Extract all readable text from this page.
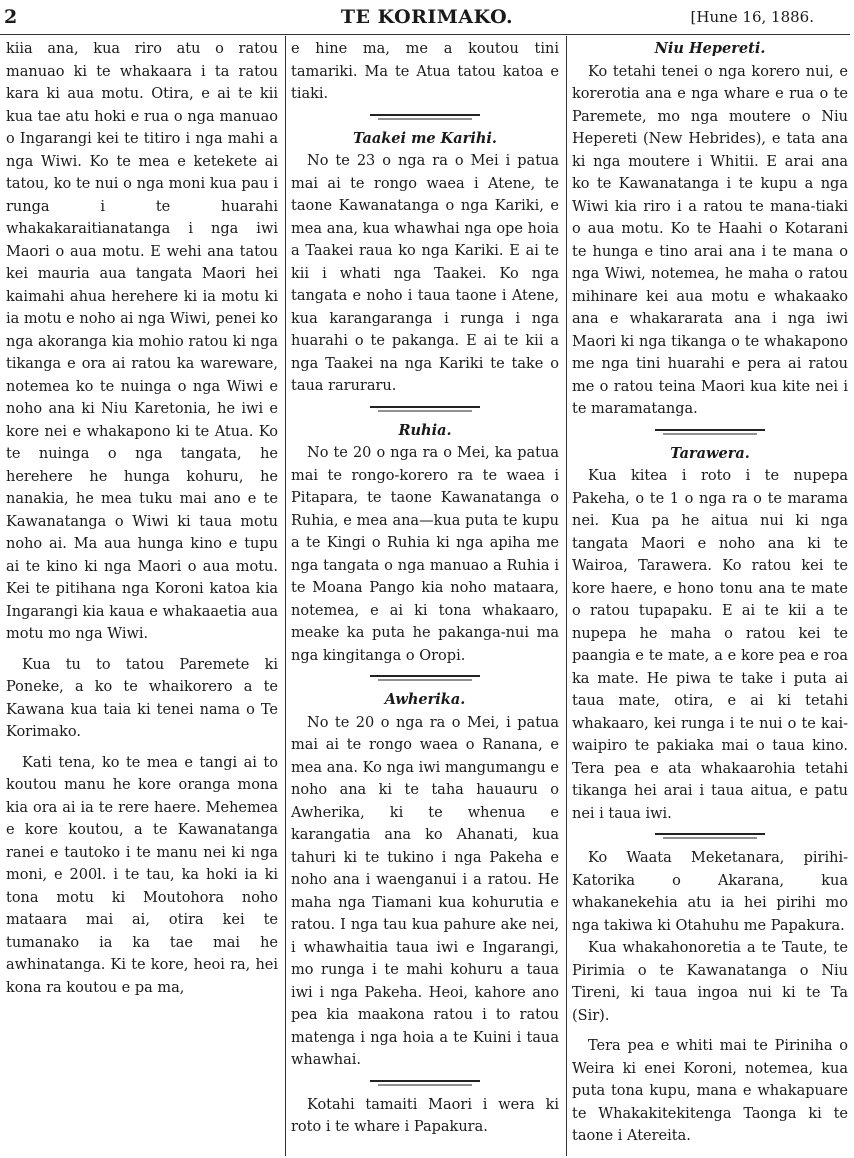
2	TE KORIMAKO.	[Hune 16, 1886.

kiia ana, kua riro atu o ratou manuao ki te whakaara i ta ratou kara ki aua motu. Otira, e ai te kii kua tae atu hoki e rua o nga manuao o Ingarangi kei te titiro i nga mahi a nga Wiwi. Ko te mea e ketekete ai tatou, ko te nui o nga moni kua pau i runga i te huarahi whakakaraitianatanga i nga iwi Maori o aua motu. E wehi ana tatou kei mauria aua tangata Maori hei kaimahi ahua herehere ki ia motu ki ia motu e noho ai nga Wiwi, penei ko nga akoranga kia mohio ratou ki nga tikanga e ora ai ratou ka wareware, notemea ko te nuinga o nga Wiwi e noho ana ki Niu Karetonia, he iwi e kore nei e whakapono ki te Atua. Ko te nuinga o nga tangata, he herehere he hunga kohuru, he nanakia, he mea tuku mai ano e te Kawanatanga o Wiwi ki taua motu noho ai. Ma aua hunga kino e tupu ai te kino ki nga Maori o aua motu. Kei te pitihana nga Koroni katoa kia Ingarangi kia kaua e whakaaetia aua motu mo nga Wiwi.

Kua tu to tatou Paremete ki Poneke, a ko te whaikorero a te Kawana kua taia ki tenei nama o Te Korimako.

Kati tena, ko te mea e tangi ai to koutou manu he kore oranga mona kia ora ai ia te rere haere. Mehemea e kore koutou, a te Kawanatanga ranei e tautoko i te manu nei ki nga moni, e 200l. i te tau, ka hoki ia ki tona motu ki Moutohora noho mataara mai ai, otira kei te tumanako ia ka tae mai he awhinatanga. Ki te kore, heoi ra, hei kona ra koutou e pa ma,

e hine ma, me a koutou tini tamariki. Ma te Atua tatou katoa e tiaki.

Taakei me Karihi.

No te 23 o nga ra o Mei i patua mai ai te rongo waea i Atene, te taone Kawanatanga o nga Kariki, e mea ana, kua whawhai nga ope hoia a Taakei raua ko nga Kariki. E ai te kii i whati nga Taakei. Ko nga tangata e noho i taua taone i Atene, kua karangaranga i runga i nga huarahi o te pakanga. E ai te kii a nga Taakei na nga Kariki te take o taua raruraru.

Ruhia.

No te 20 o nga ra o Mei, ka patua mai te rongo-korero ra te waea i Pitapara, te taone Kawanatanga o Ruhia, e mea ana—kua puta te kupu a te Kingi o Ruhia ki nga apiha me nga tangata o nga manuao a Ruhia i te Moana Pango kia noho mataara, notemea, e ai ki tona whakaaro, meake ka puta he pakanga-nui ma nga kingitanga o Oropi.

Awherika.

No te 20 o nga ra o Mei, i patua mai ai te rongo waea o Ranana, e mea ana. Ko nga iwi mangumangu e noho ana ki te taha hauauru o Awherika, ki te whenua e karangatia ana ko Ahanati, kua tahuri ki te tukino i nga Pakeha e noho ana i waenganui i a ratou. He maha nga Tiamani kua kohurutia e ratou. I nga tau kua pahure ake nei, i whawhaitia taua iwi e Ingarangi, mo runga i te mahi kohuru a taua iwi i nga Pakeha. Heoi, kahore ano pea kia maakona ratou i to ratou matenga i nga hoia a te Kuini i taua whawhai.

Kotahi tamaiti Maori i wera ki roto i te whare i Papakura.

Niu Hepereti.

Ko tetahi tenei o nga korero nui, e korerotia ana e nga whare e rua o te Paremete, mo nga moutere o Niu Hepereti (New Hebrides), e tata ana ki nga moutere i Whitii. E arai ana ko te Kawanatanga i te kupu a nga Wiwi kia riro i a ratou te mana-tiaki o aua motu. Ko te Haahi o Kotarani te hunga e tino arai ana i te mana o nga Wiwi, notemea, he maha o ratou mihinare kei aua motu e whakaako ana e whakararata ana i nga iwi Maori ki nga tikanga o te whakapono me nga tini huarahi e pera ai ratou me o ratou teina Maori kua kite nei i te maramatanga.

Tarawera.

Kua kitea i roto i te nupepa Pakeha, o te 1 o nga ra o te marama nei. Kua pa he aitua nui ki nga tangata Maori e noho ana ki te Wairoa, Tarawera. Ko ratou kei te kore haere, e hono tonu ana te mate o ratou tupapaku. E ai te kii a te nupepa he maha o ratou kei te paangia e te mate, a e kore pea e roa ka mate. He piwa te take i puta ai taua mate, otira, e ai ki tetahi whakaaro, kei runga i te nui o te kai-waipiro te pakiaka mai o taua kino. Tera pea e ata whakaarohia tetahi tikanga hei arai i taua aitua, e patu nei i taua iwi.

Ko Waata Meketanara, pirihi-Katorika o Akarana, kua whakanekehia atu ia hei pirihi mo nga takiwa ki Otahuhu me Papakura.

Kua whakahonoretia a te Taute, te Pirimia o te Kawanatanga o Niu Tireni, ki taua ingoa nui ki te Ta (Sir).

Tera pea e whiti mai te Piriniha o Weira ki enei Koroni, notemea, kua puta tona kupu, mana e whakapuare te Whakakitekitenga Taonga ki te taone i Atereita.
